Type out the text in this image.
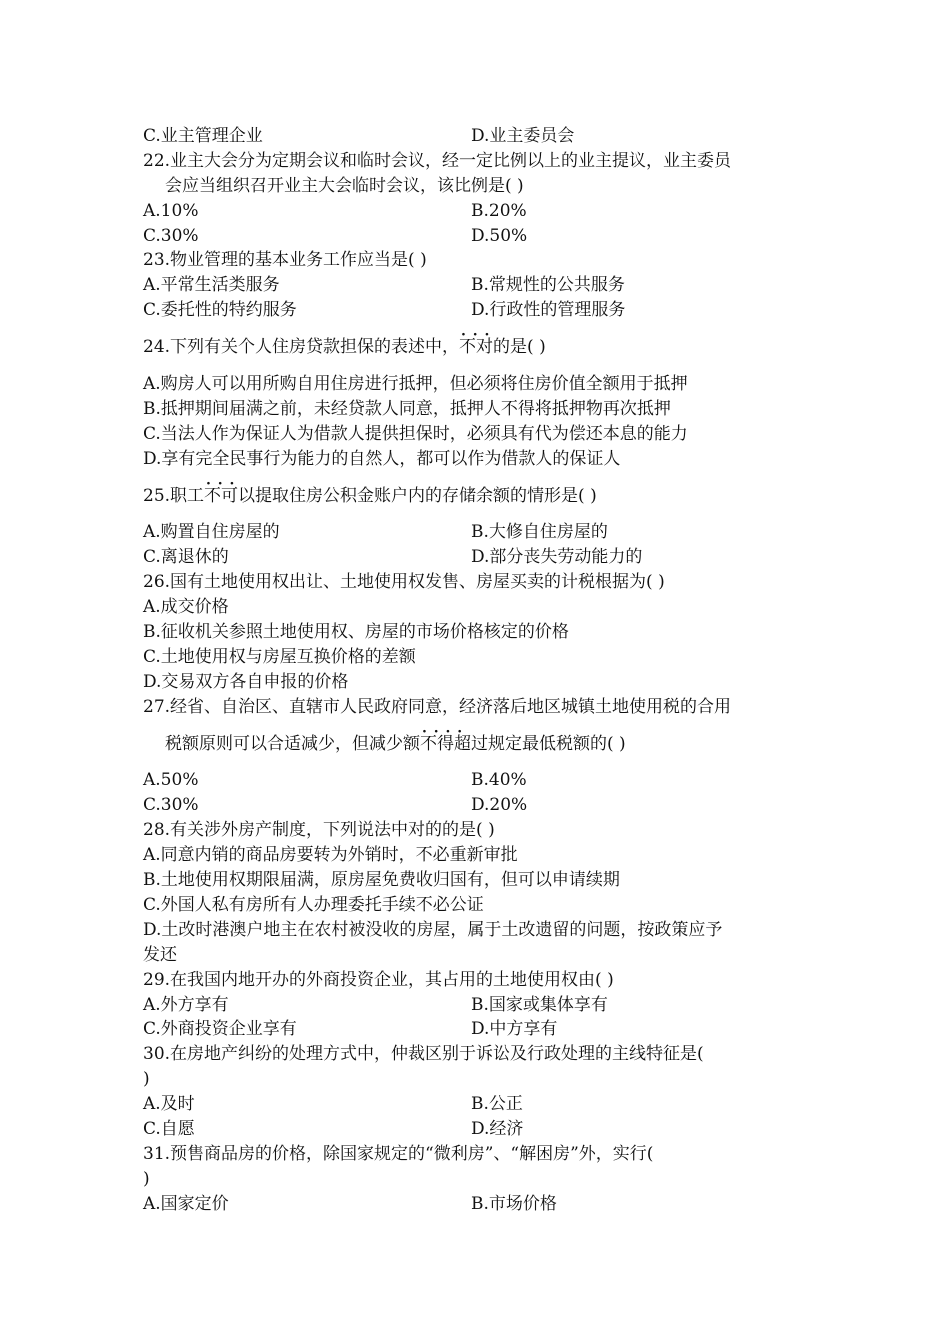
C.业主管理企业	D.业主委员会
22.业主大会分为定期会议和临时会议，经一定比例以上的业主提议，业主委员
会应当组织召开业主大会临时会议，该比例是( )
A.10%	B.20%
C.30%	D.50%
23.物业管理的基本业务工作应当是( )
A.平常生活类服务	B.常规性的公共服务
C.委托性的特约服务	D.行政性的管理服务
24.下列有关个人住房贷款担保的表述中，· · · 不对的是( )
A.购房人可以用所购自用住房进行抵押，但必须将住房价值全额用于抵押
B.抵押期间届满之前，未经贷款人同意，抵押人不得将抵押物再次抵押
C.当法人作为保证人为借款人提供担保时，必须具有代为偿还本息的能力
D.享有完全民事行为能力的自然人，都可以作为借款人的保证人
25.职工· · · 不可以提取住房公积金账户内的存储余额的情形是( )
A.购置自住房屋的	B.大修自住房屋的
C.离退休的	D.部分丧失劳动能力的
26.国有土地使用权出让、土地使用权发售、房屋买卖的计税根据为( )
A.成交价格
B.征收机关参照土地使用权、房屋的市场价格核定的价格
C.土地使用权与房屋互换价格的差额
D.交易双方各自申报的价格
27.经省、自治区、直辖市人民政府同意，经济落后地区城镇土地使用税的合用
税额原则可以合适减少，但减少额· · · · 不得超过规定最低税额的( )
A.50%	B.40%
C.30%	D.20%
28.有关涉外房产制度，下列说法中对的的是( )
A.同意内销的商品房要转为外销时，不必重新审批
B.土地使用权期限届满，原房屋免费收归国有，但可以申请续期
C.外国人私有房所有人办理委托手续不必公证
D.土改时港澳户地主在农村被没收的房屋，属于土改遗留的问题，按政策应予
发还
29.在我国内地开办的外商投资企业，其占用的土地使用权由( )
A.外方享有	B.国家或集体享有
C.外商投资企业享有	D.中方享有
30.在房地产纠纷的处理方式中，仲裁区别于诉讼及行政处理的主线特征是(
)
A.及时	B.公正
C.自愿	D.经济
31.预售商品房的价格，除国家规定的“微利房”、“解困房”外，实行(
)
A.国家定价	B.市场价格
